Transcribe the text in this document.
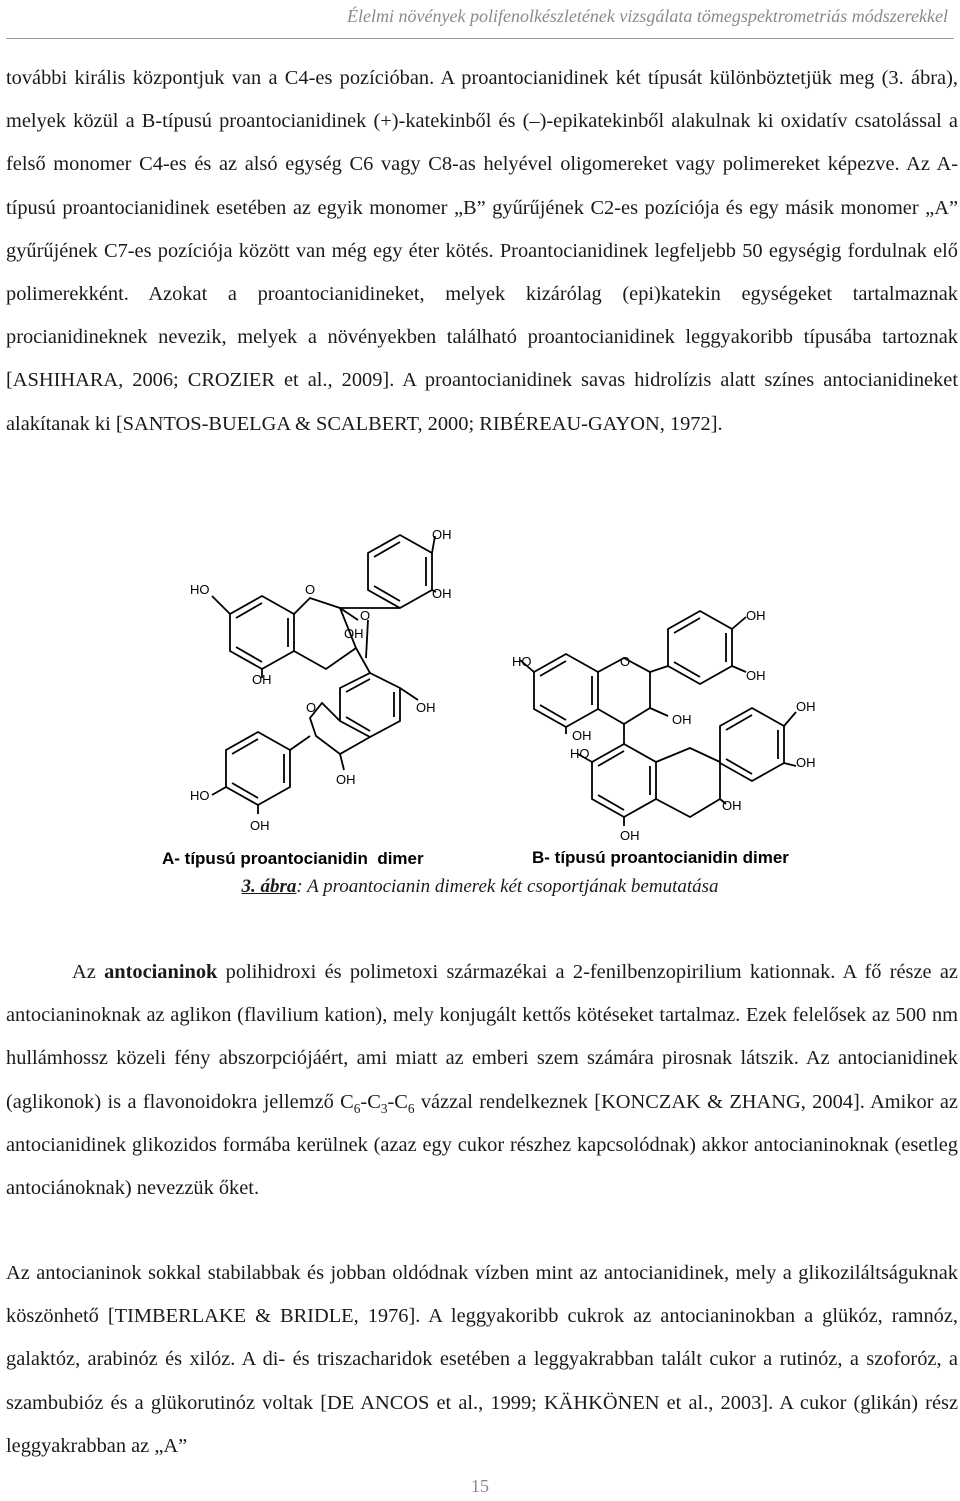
Élelmi növények polifenolkészletének vizsgálata tömegspektrometriás módszerekkel

további királis központjuk van a C4-es pozícióban. A proantocianidinek két típusát különböztetjük meg (3. ábra), melyek közül a B-típusú proantocianidinek (+)-katekinből és (–)-epikatekinből alakulnak ki oxidatív csatolással a felső monomer C4-es és az alsó egység C6 vagy C8-as helyével oligomereket vagy polimereket képezve. Az A-típusú proantocianidinek esetében az egyik monomer „B” gyűrűjének C2-es pozíciója és egy másik monomer „A” gyűrűjének C7-es pozíciója között van még egy éter kötés. Proantocianidinek legfeljebb 50 egységig fordulnak elő polimerekként. Azokat a proantocianidineket, melyek kizárólag (epi)katekin egységeket tartalmaznak procianidineknek nevezik, melyek a növényekben található proantocianidinek leggyakoribb típusába tartoznak [ASHIHARA, 2006; CROZIER et al., 2009]. A proantocianidinek savas hidrolízis alatt színes antocianidineket alakítanak ki [SANTOS-BUELGA & SCALBERT, 2000; RIBÉREAU-GAYON, 1972].

OH
HO	O	OH
O
OH
OH
O	OH
OH
HO
OH
OH
HO	O
OH
OH
OH
OH
HO
OH
OH
OH
A- típusú proantocianidin  dimer	B- típusú proantocianidin dimer
3. ábra: A proantocianin dimerek két csoportjának bemutatása

Az antocianinok polihidroxi és polimetoxi származékai a 2-fenilbenzopirilium kationnak. A fő része az antocianinoknak az aglikon (flavilium kation), mely konjugált kettős kötéseket tartalmaz. Ezek felelősek az 500 nm hullámhossz közeli fény abszorpciójáért, ami miatt az emberi szem számára pirosnak látszik. Az antocianidinek (aglikonok) is a flavonoidokra jellemző $C_6-C_3-C_6$ vázzal rendelkeznek [KONCZAK & ZHANG, 2004]. Amikor az antocianidinek glikozidos formába kerülnek (azaz egy cukor részhez kapcsolódnak) akkor antocianinoknak (esetleg antociánoknak) nevezzük őket.

Az antocianinok sokkal stabilabbak és jobban oldódnak vízben mint az antocianidinek, mely a glikoziláltságuknak köszönhető [TIMBERLAKE & BRIDLE, 1976]. A leggyakoribb cukrok az antocianinokban a glükóz, ramnóz, galaktóz, arabinóz és xilóz. A di- és triszacharidok esetében a leggyakrabban talált cukor a rutinóz, a szoforóz, a szambubióz és a glükorutinóz voltak [DE ANCOS et al., 1999; KÄHKÖNEN et al., 2003]. A cukor (glikán) rész leggyakrabban az „A”

15
